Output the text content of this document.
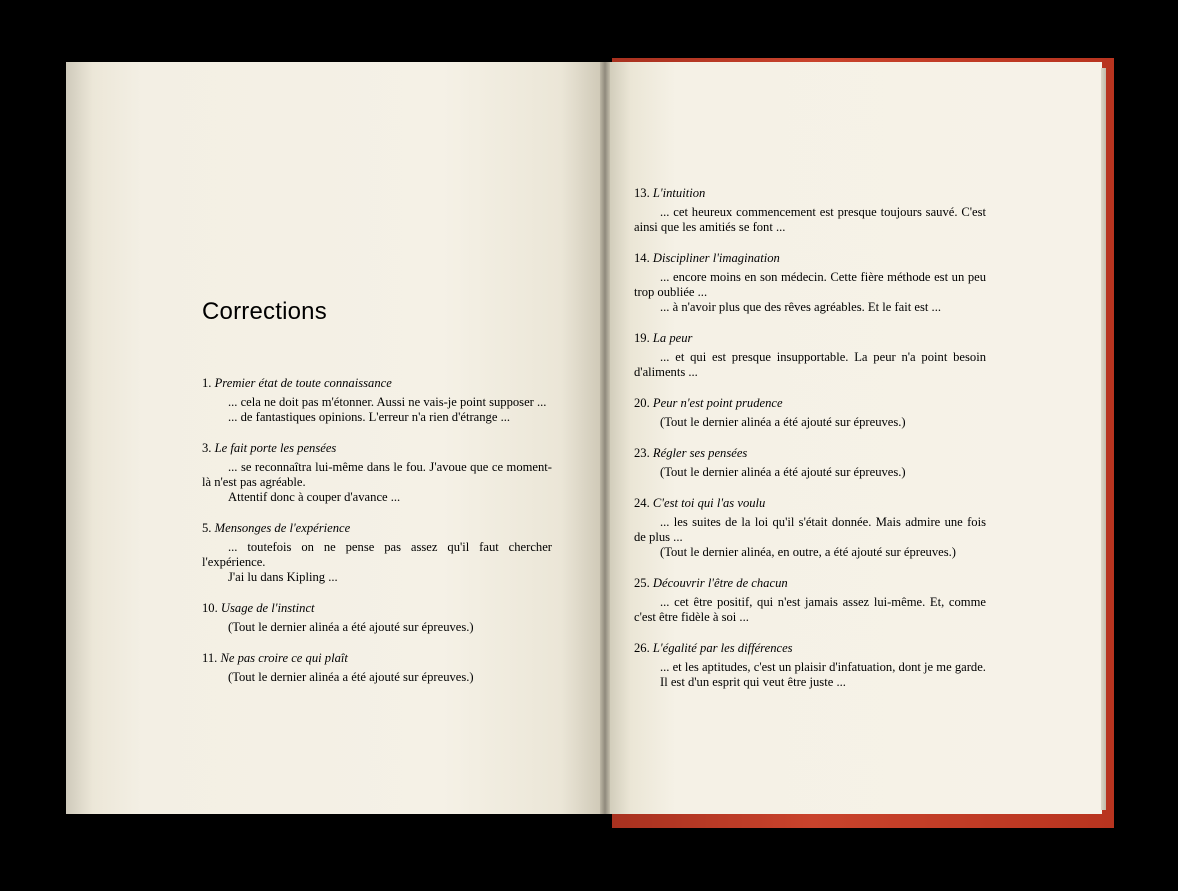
Corrections

1. Premier état de toute connaissance

... cela ne doit pas m'étonner. Aussi ne vais-je point supposer ...

... de fantastiques opinions. L'erreur n'a rien d'étrange ...

3. Le fait porte les pensées

... se reconnaîtra lui-même dans le fou. J'avoue que ce moment-là n'est pas agréable.

Attentif donc à couper d'avance ...

5. Mensonges de l'expérience

... toutefois on ne pense pas assez qu'il faut chercher l'expérience.

J'ai lu dans Kipling ...

10. Usage de l'instinct

(Tout le dernier alinéa a été ajouté sur épreuves.)

11. Ne pas croire ce qui plaît

(Tout le dernier alinéa a été ajouté sur épreuves.)

13. L'intuition

... cet heureux commencement est presque toujours sauvé. C'est ainsi que les amitiés se font ...

14. Discipliner l'imagination

... encore moins en son médecin. Cette fière méthode est un peu trop oubliée ...

... à n'avoir plus que des rêves agréables. Et le fait est ...

19. La peur

... et qui est presque insupportable. La peur n'a point besoin d'aliments ...

20. Peur n'est point prudence

(Tout le dernier alinéa a été ajouté sur épreuves.)

23. Régler ses pensées

(Tout le dernier alinéa a été ajouté sur épreuves.)

24. C'est toi qui l'as voulu

... les suites de la loi qu'il s'était donnée. Mais admire une fois de plus ...

(Tout le dernier alinéa, en outre, a été ajouté sur épreuves.)

25. Découvrir l'être de chacun

... cet être positif, qui n'est jamais assez lui-même. Et, comme c'est être fidèle à soi ...

26. L'égalité par les différences

... et les aptitudes, c'est un plaisir d'infatuation, dont je me garde.

Il est d'un esprit qui veut être juste ...
